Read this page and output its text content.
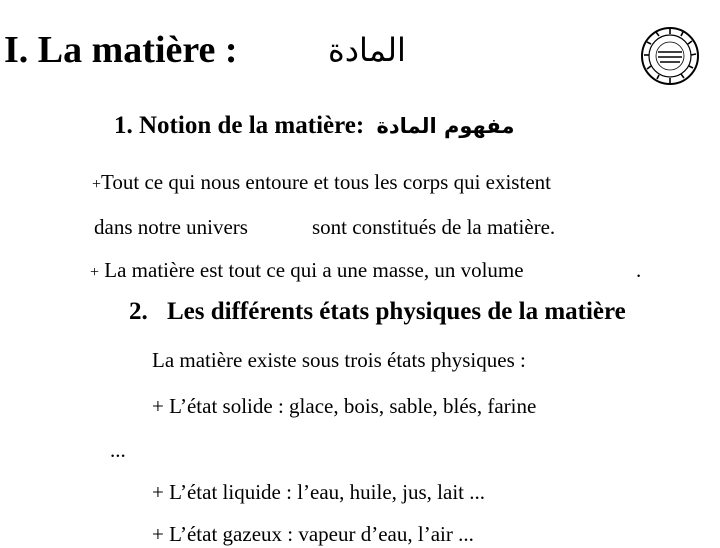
I. La matière :	المادة
1. Notion de la matière: مفهوم المادة
+Tout ce qui nous entoure et tous les corps qui existent
dans notre univers	sont constitués de la matière.
+ La matière est tout ce qui a une masse, un volume	.
2. Les différents états physiques de la matière
La matière existe sous trois états physiques :
+ L’état solide : glace, bois, sable, blés, farine
...
+ L’état liquide : l’eau, huile, jus, lait ...
+ L’état gazeux : vapeur d’eau, l’air ...
